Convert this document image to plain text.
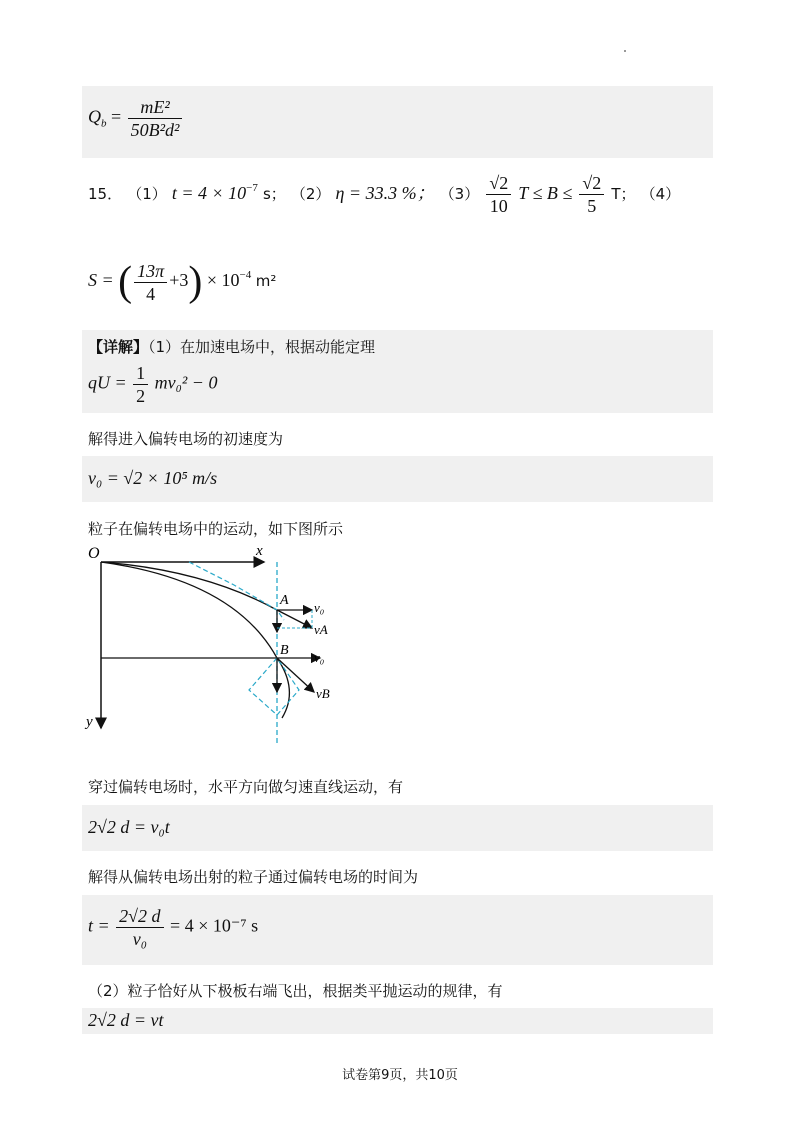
$Q_b = \frac{\text{mE²}}{\text{50B²d²}}$
15． （1） $t = 4 \times 10^{-7}$ s； （2） η = 33.3 %； $(3) \frac{√2}{10}$ $T \le B \le \frac{√2}{5}$ T； （4）
S = ( $\frac{13\pi}{4} +3) \times 10^{-4}$ m²
【详解】（1）在加速电场中，根据动能定理
qU = $\frac{1}{2} mv_0^2 - 0$
解得进入偏转电场的初速度为
v₀ = √2 × 10⁵ m/s
粒子在偏转电场中的运动，如下图所示
O	x
y
A v₀
vA
B v₀
vB
穿过偏转电场时，水平方向做匀速直线运动，有
2√2 d = v₀t
解得从偏转电场出射的粒子通过偏转电场的时间为
$t = \frac{2√2 d}{\text{v₀}} = 4 \times 10^{-7}$ s
（2）粒子恰好从下极板右端飞出，根据类平抛运动的规律，有
2√2 d = vt
试卷第9页，共10页
